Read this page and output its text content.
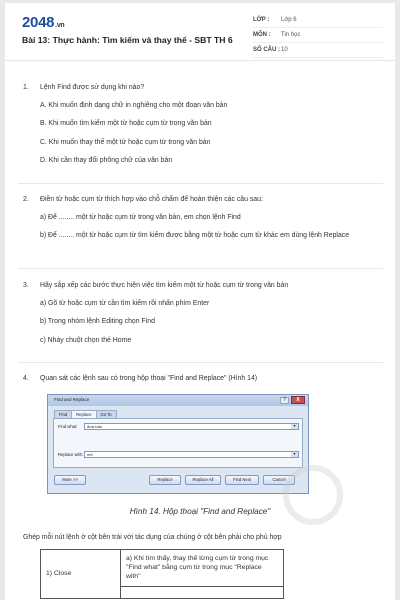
2048.vn
Bài 13: Thực hành: Tìm kiếm và thay thế - SBT TH 6
LỚP :	Lớp 6
MÔN :	Tin học
SỐ CÂU : 10
1.	Lệnh Find được sử dụng khi nào?
A. Khi muốn định dạng chữ in nghiêng cho một đoạn văn bản
B. Khi muốn tìm kiếm một từ hoặc cụm từ trong văn bản
C. Khi muốn thay thế một từ hoặc cụm từ trong văn bản
D. Khi cần thay đổi phông chữ của văn bản
2.	Điền từ hoặc cụm từ thích hợp vào chỗ chấm để hoàn thiện các câu sau:
a) Để ........ một từ hoặc cụm từ trong văn bản, em chọn lệnh Find
b) Để ........ một từ hoặc cụm từ tìm kiếm được bằng một từ hoặc cụm từ khác em dùng lệnh Replace
3.	Hãy sắp xếp các bước thực hiện việc tìm kiếm một từ hoặc cụm từ trong văn bản
a) Gõ từ hoặc cụm từ cần tìm kiếm rồi nhấn phím Enter
b) Trong nhóm lệnh Editing chọn Find
c) Nháy chuột chọn thẻ Home
4.	Quan sát các lệnh sau có trong hộp thoại "Find and Replace" (Hình 14)
Find and Replace	?	X
Find	Replace	Go To
Find what:	dưa hấu	▼
Replace with: mít	▼
More >>	Replace	Replace All	Find Next	Cancel
Hình 14. Hộp thoại "Find and Replace"
Ghép mỗi nút lệnh ở cột bên trái với tác dụng của chúng ở cột bên phải cho phù hợp
1) Close	a) Khi tìm thấy, thay thế từng cụm từ trong mục "Find what" bằng cụm từ trong mục "Replace with"
